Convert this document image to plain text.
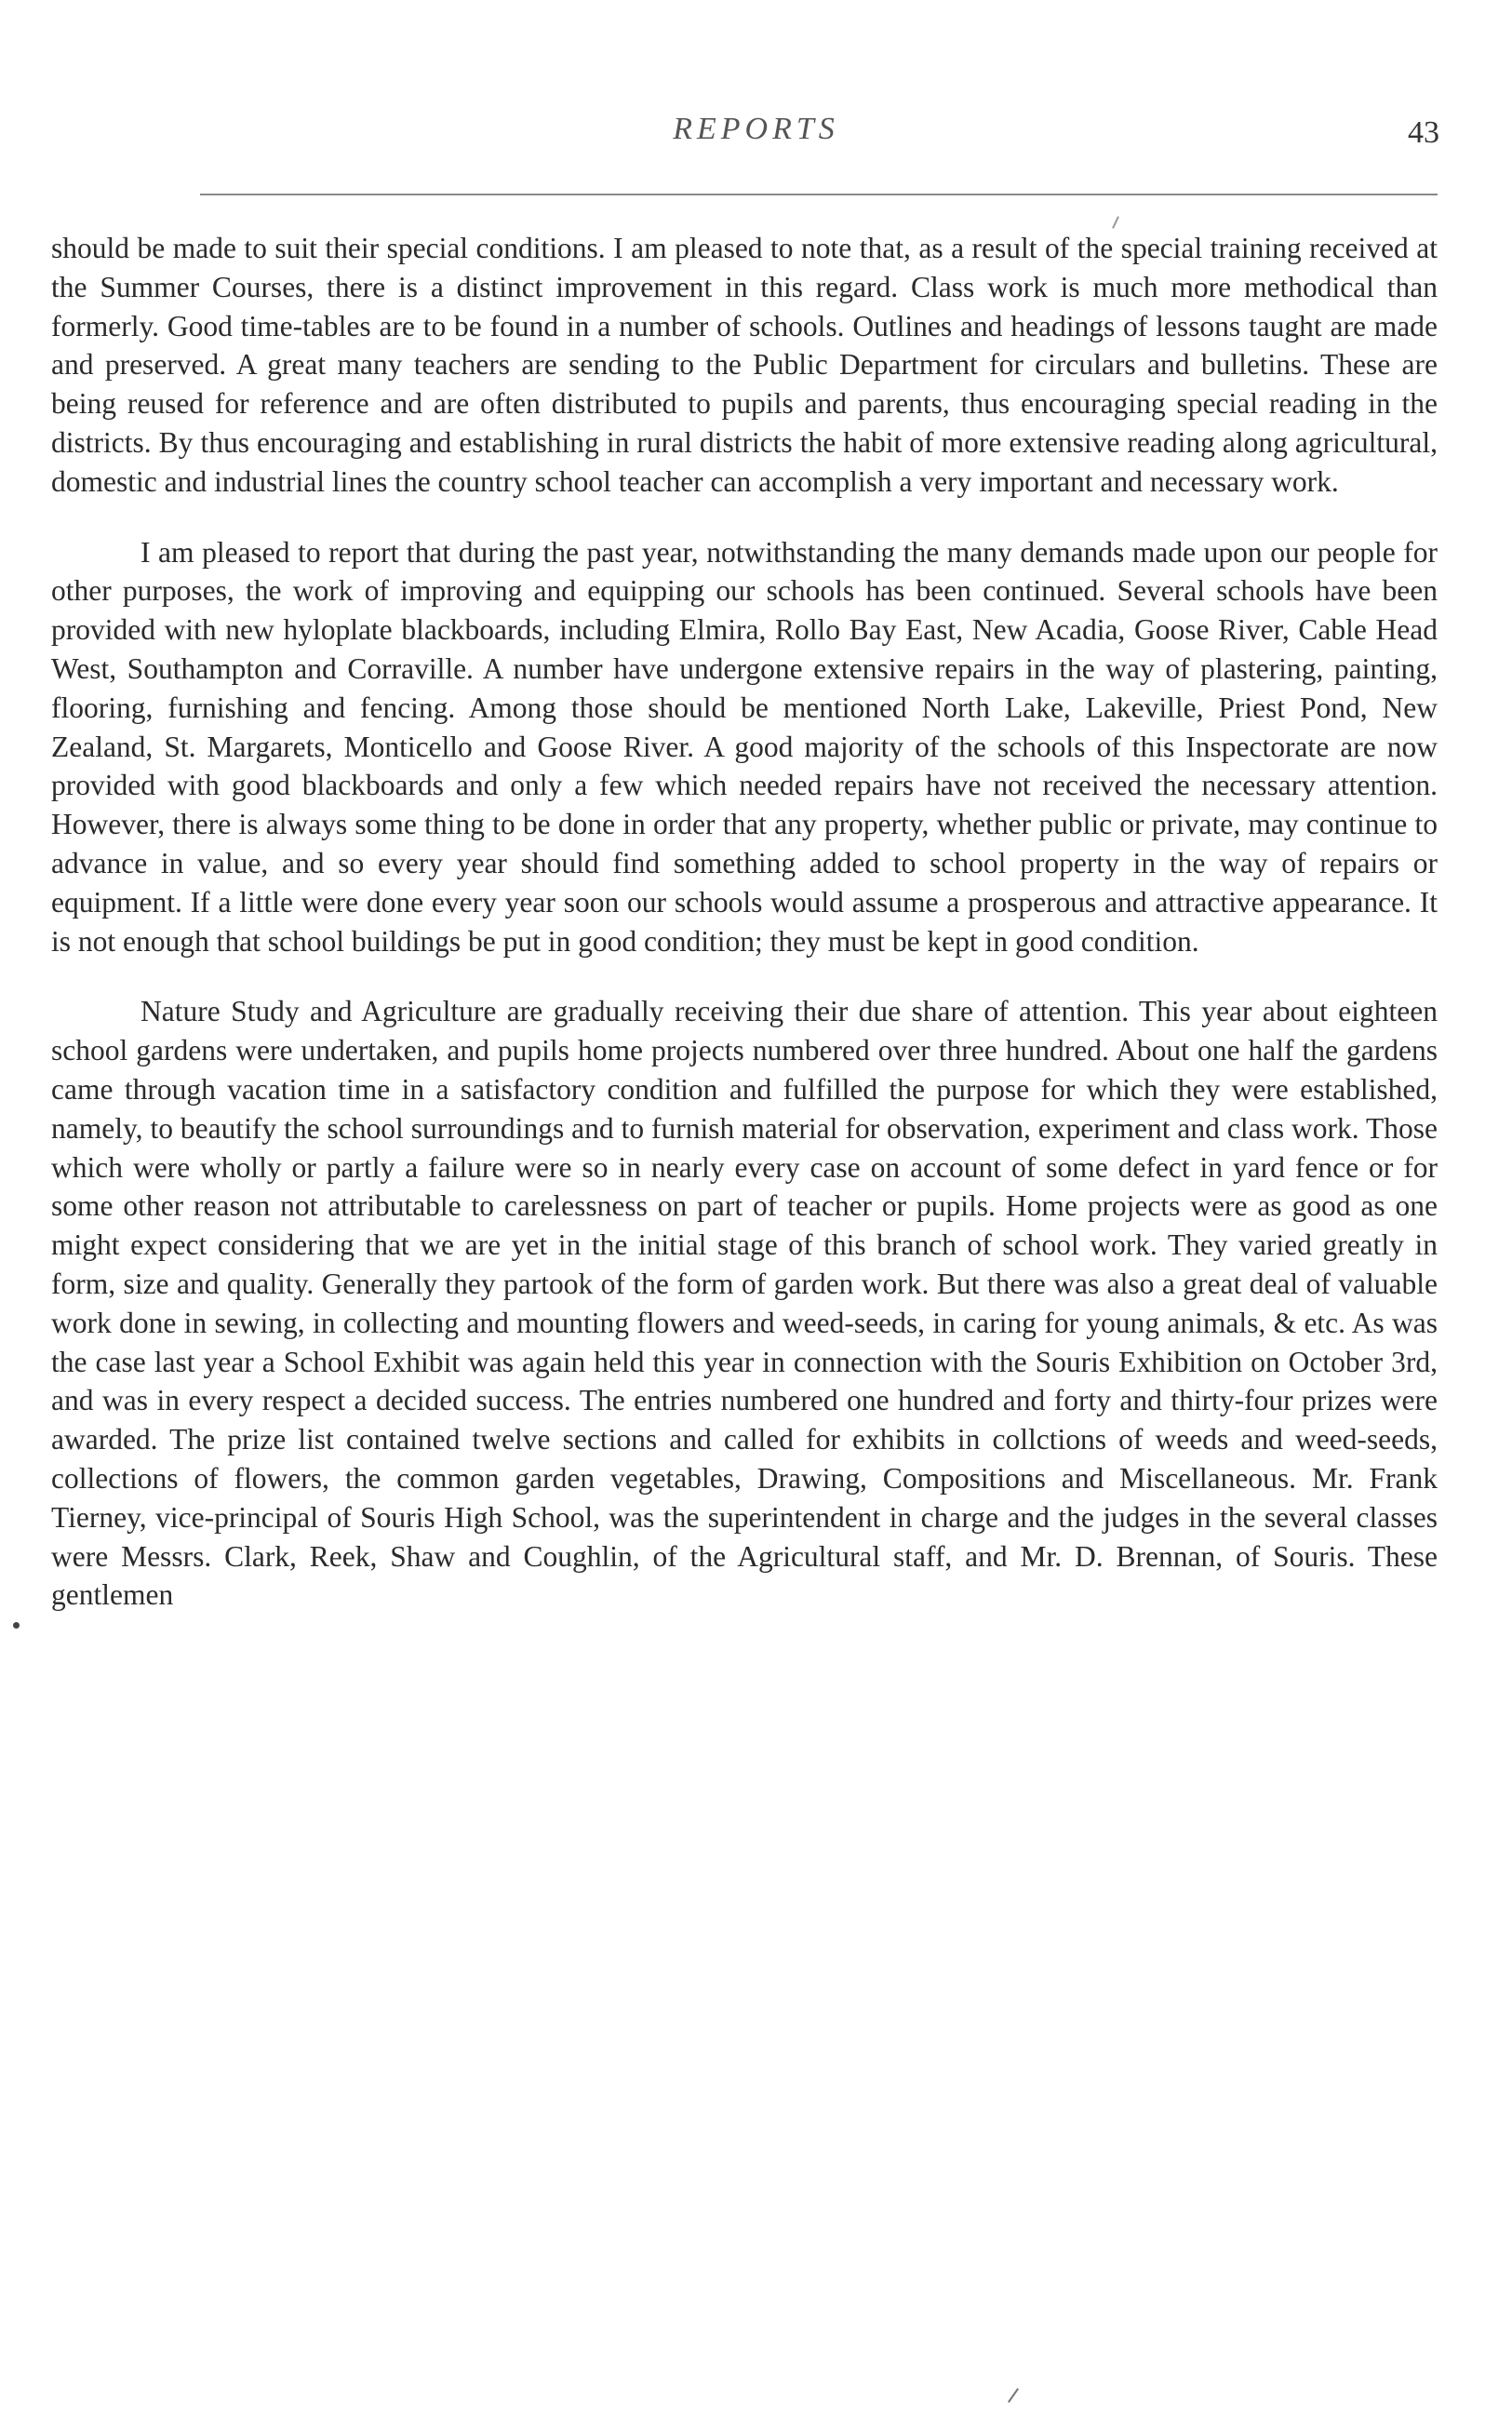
REPORTS	43

should be made to suit their special conditions. I am pleased to note that, as a result of the special training received at the Summer Courses, there is a distinct improvement in this regard. Class work is much more methodical than formerly. Good time-tables are to be found in a number of schools. Outlines and headings of lessons taught are made and preserved. A great many teachers are sending to the Public Department for circulars and bulletins. These are being reused for reference and are often distributed to pupils and parents, thus encouraging special reading in the districts. By thus encouraging and establishing in rural districts the habit of more extensive reading along agricultural, domestic and industrial lines the country school teacher can accomplish a very important and necessary work.

I am pleased to report that during the past year, notwithstanding the many demands made upon our people for other purposes, the work of improving and equipping our schools has been continued. Several schools have been provided with new hyloplate blackboards, including Elmira, Rollo Bay East, New Acadia, Goose River, Cable Head West, Southampton and Corraville. A number have undergone extensive repairs in the way of plastering, painting, flooring, furnishing and fencing. Among those should be mentioned North Lake, Lakeville, Priest Pond, New Zealand, St. Margarets, Monticello and Goose River. A good majority of the schools of this Inspectorate are now provided with good blackboards and only a few which needed repairs have not received the necessary attention. However, there is always some thing to be done in order that any property, whether public or private, may continue to advance in value, and so every year should find something added to school property in the way of repairs or equipment. If a little were done every year soon our schools would assume a prosperous and attractive appearance. It is not enough that school buildings be put in good condition; they must be kept in good condition.

Nature Study and Agriculture are gradually receiving their due share of attention. This year about eighteen school gardens were undertaken, and pupils home projects numbered over three hundred. About one half the gardens came through vacation time in a satisfactory condition and fulfilled the purpose for which they were established, namely, to beautify the school surroundings and to furnish material for observation, experiment and class work. Those which were wholly or partly a failure were so in nearly every case on account of some defect in yard fence or for some other reason not attributable to carelessness on part of teacher or pupils. Home projects were as good as one might expect considering that we are yet in the initial stage of this branch of school work. They varied greatly in form, size and quality. Generally they partook of the form of garden work. But there was also a great deal of valuable work done in sewing, in collecting and mounting flowers and weed-seeds, in caring for young animals, & etc. As was the case last year a School Exhibit was again held this year in connection with the Souris Exhibition on October 3rd, and was in every respect a decided success. The entries numbered one hundred and forty and thirty-four prizes were awarded. The prize list contained twelve sections and called for exhibits in collctions of weeds and weed-seeds, collections of flowers, the common garden vegetables, Drawing, Compositions and Miscellaneous. Mr. Frank Tierney, vice-principal of Souris High School, was the superintendent in charge and the judges in the several classes were Messrs. Clark, Reek, Shaw and Coughlin, of the Agricultural staff, and Mr. D. Brennan, of Souris. These gentlemen
